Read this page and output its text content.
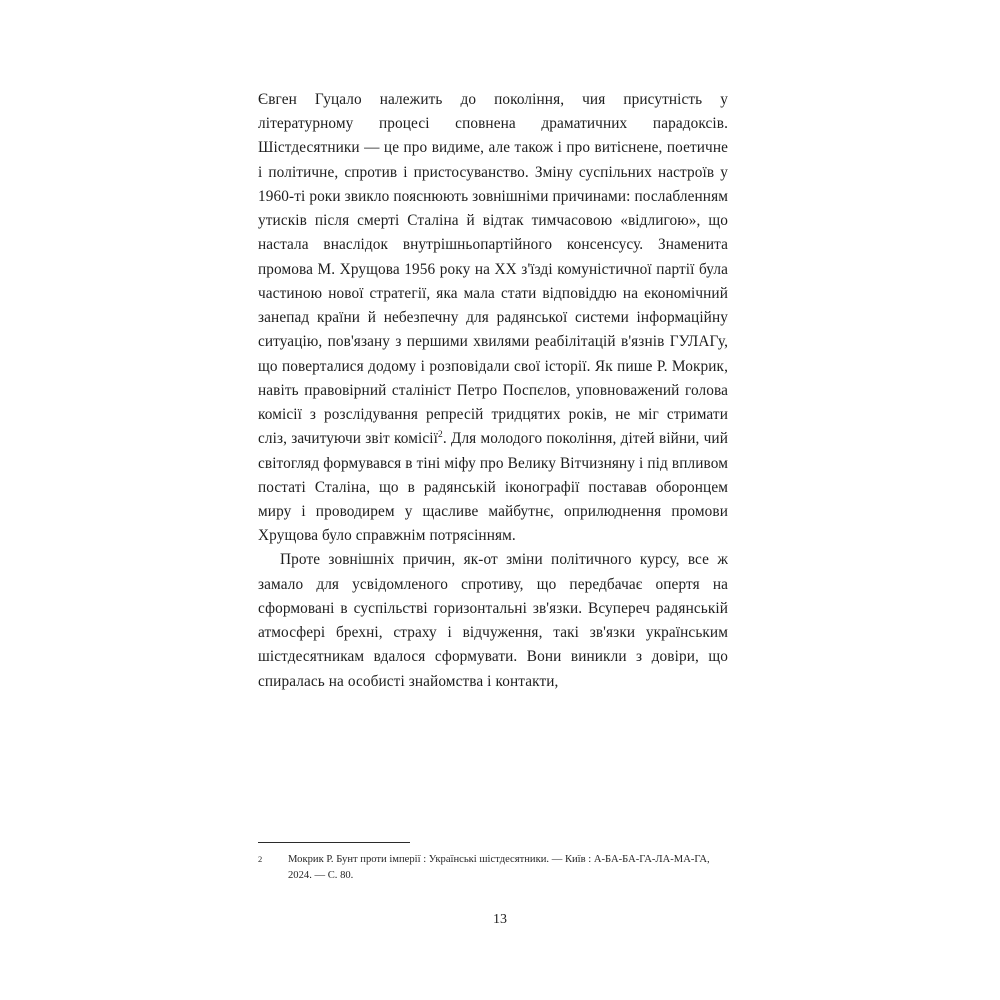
Євген Гуцало належить до покоління, чия присутність у літературному процесі сповнена драматичних парадоксів. Шістдесятники — це про видиме, але також і про витіснене, поетичне і політичне, спротив і пристосуванство. Зміну суспільних настроїв у 1960-ті роки звикло пояснюють зовнішніми причинами: послабленням утисків після смерті Сталіна й відтак тимчасовою «відлигою», що настала внаслідок внутрішньопартійного консенсусу. Знаменита промова М. Хрущова 1956 року на ХХ з'їзді комуністичної партії була частиною нової стратегії, яка мала стати відповіддю на економічний занепад країни й небезпечну для радянської системи інформаційну ситуацію, пов'язану з першими хвилями реабілітацій в'язнів ГУЛАГу, що поверталися додому і розповідали свої історії. Як пише Р. Мокрик, навіть правовірний сталініст Петро Поспєлов, уповноважений голова комісії з розслідування репресій тридцятих років, не міг стримати сліз, зачитуючи звіт комісії$^2$. Для молодого покоління, дітей війни, чий світогляд формувався в тіні міфу про Велику Вітчизняну і під впливом постаті Сталіна, що в радянській іконографії поставав оборонцем миру і проводирем у щасливе майбутнє, оприлюднення промови Хрущова було справжнім потрясінням.

Проте зовнішніх причин, як-от зміни політичного курсу, все ж замало для усвідомленого спротиву, що передбачає опертя на сформовані в суспільстві горизонтальні зв'язки. Всупереч радянській атмосфері брехні, страху і відчуження, такі зв'язки українським шістдесятникам вдалося сформувати. Вони виникли з довіри, що спиралась на особисті знайомства і контакти,

2	Мокрик Р. Бунт проти імперії : Українські шістдесятники. — Київ : А-БА-БА-ГА-ЛА-МА-ГА, 2024. — С. 80.
13
